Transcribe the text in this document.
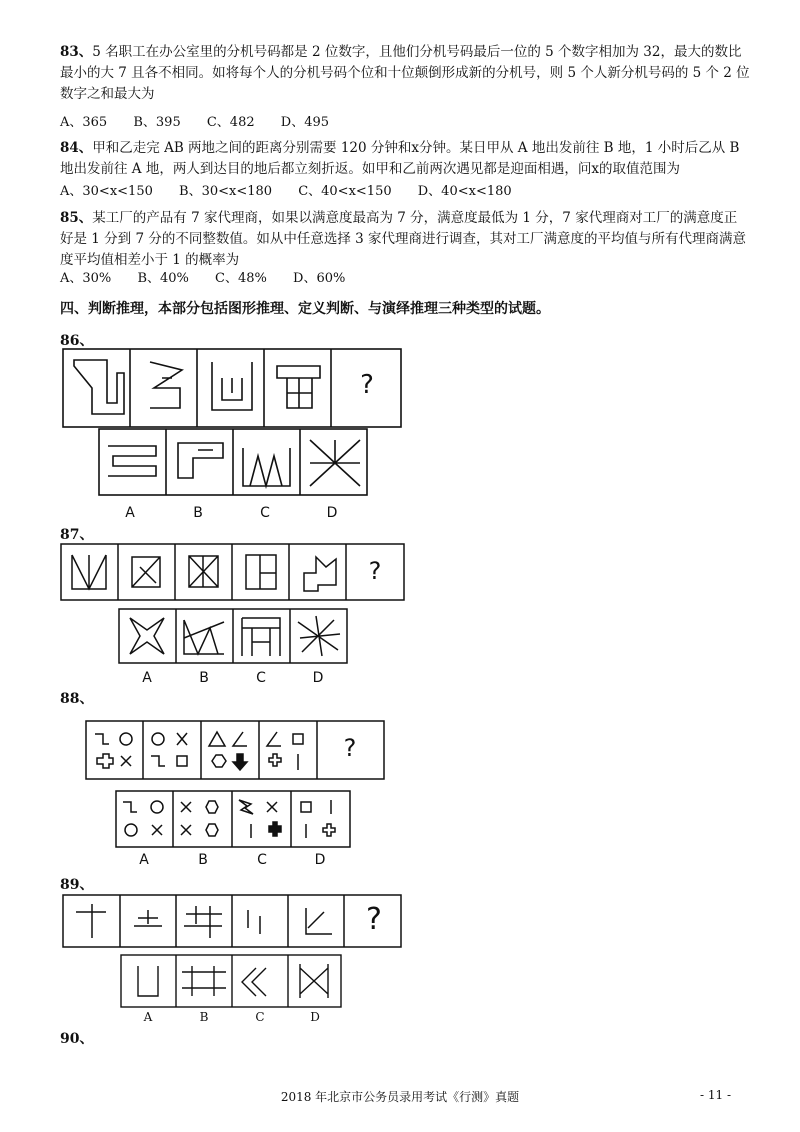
83、5 名职工在办公室里的分机号码都是 2 位数字，且他们分机号码最后一位的 5 个数字相加为 32，最大的数比最小的大 7 且各不相同。如将每个人的分机号码个位和十位颠倒形成新的分机号，则 5 个人新分机号码的 5 个 2 位数字之和最大为
A、365 B、395 C、482 D、495
84、甲和乙走完 AB 两地之间的距离分别需要 120 分钟和x分钟。某日甲从 A 地出发前往 B 地，1 小时后乙从 B 地出发前往 A 地，两人到达目的地后都立刻折返。如甲和乙前两次遇见都是迎面相遇，问x的取值范围为
A、30<x<150 B、30<x<180 C、40<x<150 D、40<x<180
85、某工厂的产品有 7 家代理商，如果以满意度最高为 7 分，满意度最低为 1 分，7 家代理商对工厂的满意度正好是 1 分到 7 分的不同整数值。如从中任意选择 3 家代理商进行调查，其对工厂满意度的平均值与所有代理商满意度平均值相差小于 1 的概率为
A、30% B、40% C、48% D、60%
四、判断推理，本部分包括图形推理、定义判断、与演绎推理三种类型的试题。
86、
?
A	B	C	D
87、
?
A	B	C	D
88、
?
A	B	C	D
89、
?
A	B	C	D
90、
2018 年北京市公务员录用考试《行测》真题	- 11 -
